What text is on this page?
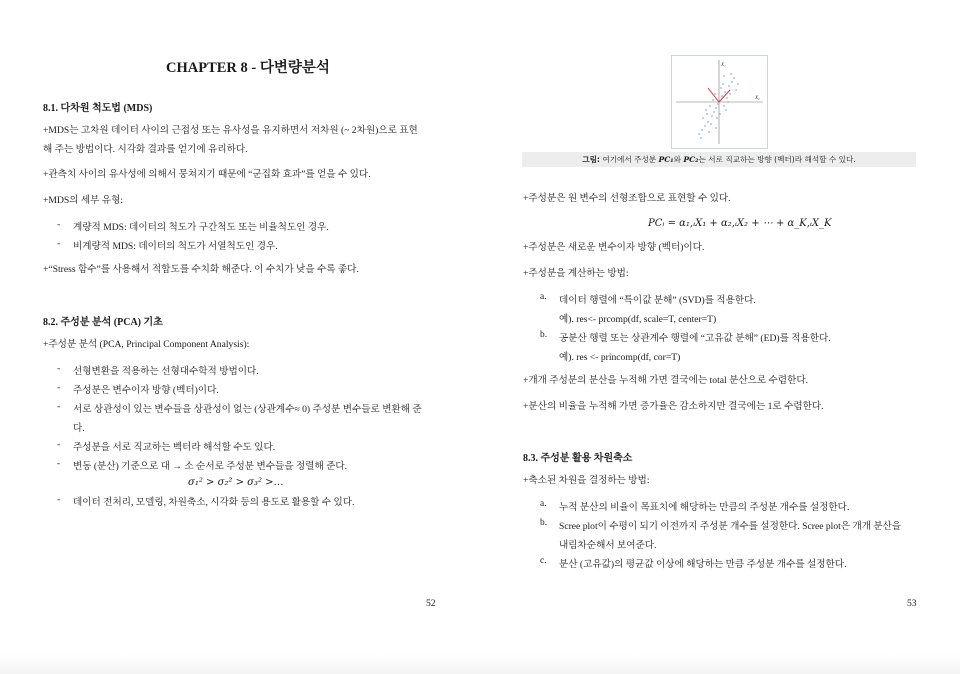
CHAPTER 8 - 다변량분석
8.1. 다차원 척도법 (MDS)
+MDS는 고차원 데이터 사이의 근접성 또는 유사성을 유지하면서 저차원 (~ 2차원)으로 표현
해 주는 방법이다. 시각화 결과를 얻기에 유리하다.
+관측치 사이의 유사성에 의해서 뭉쳐지기 때문에 “군집화 효과”를 얻을 수 있다.
+MDS의 세부 유형:
- 계량적 MDS: 데이터의 척도가 구간척도 또는 비율척도인 경우.
- 비계량적 MDS: 데이터의 척도가 서열척도인 경우.
+“Stress 함수”를 사용해서 적합도를 수치화 해준다. 이 수치가 낮을 수록 좋다.
8.2. 주성분 분석 (PCA) 기초
+주성분 분석 (PCA, Principal Component Analysis):
- 선형변환을 적용하는 선형대수학적 방법이다.
- 주성분은 변수이자 방향 (벡터)이다.
- 서로 상관성이 있는 변수들을 상관성이 없는 (상관계수≈ 0) 주성분 변수들로 변환해 준
다.
- 주성분을 서로 직교하는 벡터라 해석할 수도 있다.
- 변동 (분산) 기준으로 대 → 소 순서로 주성분 변수들을 정렬해 준다.
σ₁² > σ₂² > σ₃² >…
- 데이터 전처리, 모델링, 차원축소, 시각화 등의 용도로 활용할 수 있다.
52
X₁
X₂
그림: 여기에서 주성분 PC₁와 PC₂는 서로 직교하는 방향 (벡터)라 해석할 수 있다.
+주성분은 원 변수의 선형조합으로 표현할 수 있다.
PCᵢ = α₁,ᵢX₁ + α₂,ᵢX₂ + ⋯ + α_K,ᵢX_K
+주성분은 새로운 변수이자 방향 (벡터)이다.
+주성분을 계산하는 방법:
a. 데이터 행렬에 “특이값 분해” (SVD)를 적용한다.
예). res<- prcomp(df, scale=T, center=T)
b. 공분산 행렬 또는 상관계수 행렬에 “고유값 분해” (ED)를 적용한다.
예). res <- princomp(df, cor=T)
+개개 주성분의 분산을 누적해 가면 결국에는 total 분산으로 수렴한다.
+분산의 비율을 누적해 가면 증가율은 감소하지만 결국에는 1로 수렴한다.
8.3. 주성분 활용 차원축소
+축소된 차원을 결정하는 방법:
a. 누적 분산의 비율이 목표치에 해당하는 만큼의 주성분 개수를 설정한다.
b. Scree plot이 수평이 되기 이전까지 주성분 개수를 설정한다. Scree plot은 개개 분산을
내림차순해서 보여준다.
c. 분산 (고유값)의 평균값 이상에 해당하는 만큼 주성분 개수를 설정한다.
53
